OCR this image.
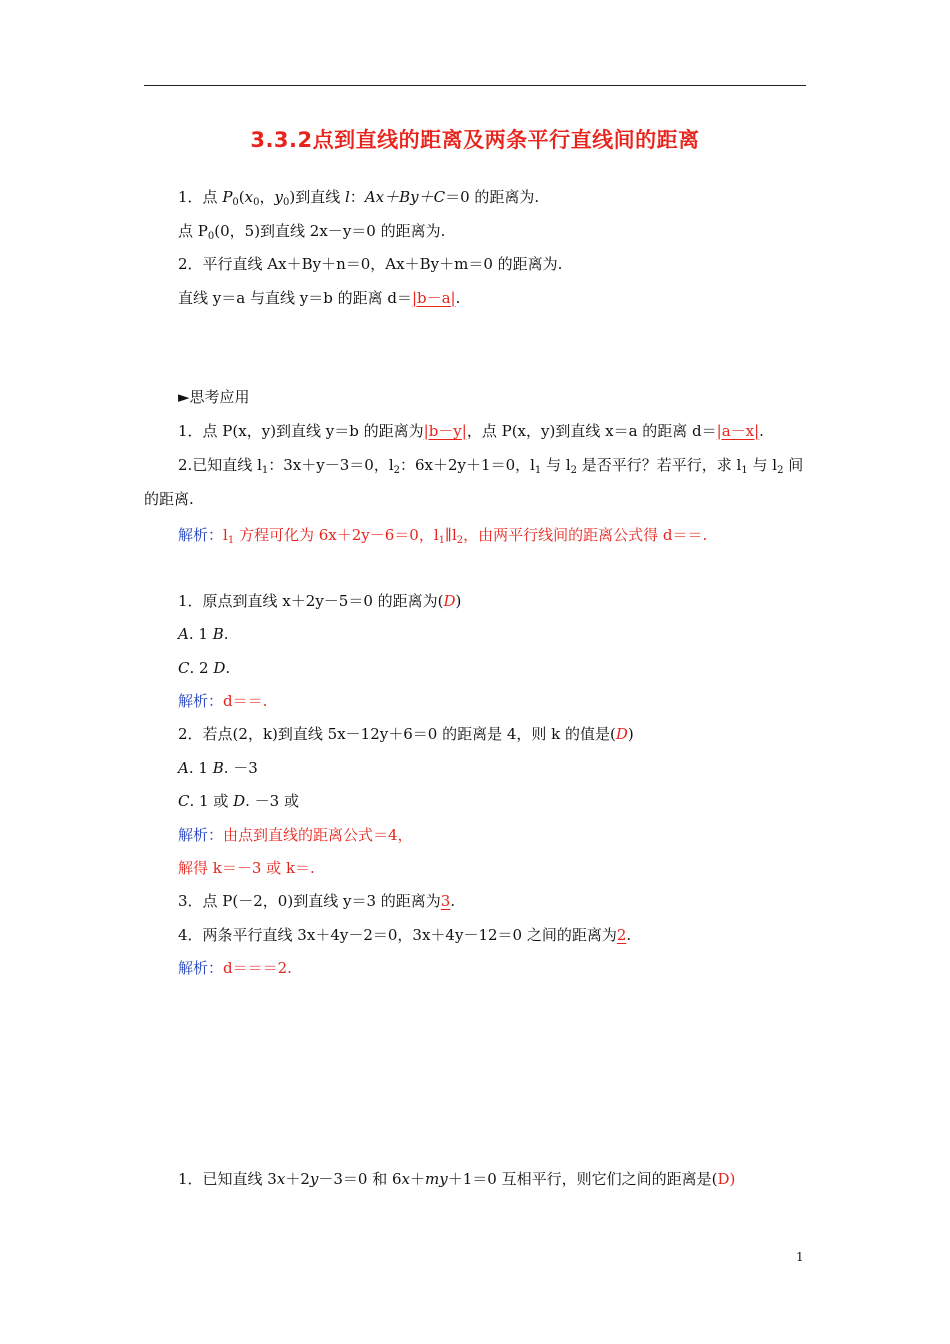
3.3.2点到直线的距离及两条平行直线间的距离
1．点 $P_0(x_0$，$y_0$)到直线 l：Ax＋By＋C＝0 的距离为.
点 $P_0(0$，5)到直线 2x－y＝0 的距离为.
2．平行直线 Ax＋By＋n＝0，Ax＋By＋m＝0 的距离为.
直线 y＝a 与直线 y＝b 的距离 d＝|b－a|.
►思考应用
1．点 P(x，y)到直线 y＝b 的距离为|b－y|，点 P(x，y)到直线 x＝a 的距离 d＝|a－x|.
2.已知直线 $l_1$：3x＋y－3＝0，$l_2$：6x＋2y＋1＝0，$l_1$ 与 $l_2$ 是否平行？若平行，求 $l_1$ 与 $l_2$ 间
的距离.
解析：$l_1$ 方程可化为 6x＋2y－6＝0，$l_1\parallel l_2$，由两平行线间的距离公式得 d＝＝.
1．原点到直线 x＋2y－5＝0 的距离为(D)
A. 1 B.
C. 2 D.
解析：d＝＝.
2．若点(2，k)到直线 5x－12y＋6＝0 的距离是 4，则 k 的值是(D)
A. 1 B. －3
C. 1 或 D. －3 或
解析：由点到直线的距离公式＝4，
解得 k＝－3 或 k＝.
3．点 P(－2，0)到直线 y＝3 的距离为3.
4．两条平行直线 3x＋4y－2＝0，3x＋4y－12＝0 之间的距离为2.
解析：d＝＝＝2.
1．已知直线 3x＋2y－3＝0 和 6x＋my＋1＝0 互相平行，则它们之间的距离是(D)
1
